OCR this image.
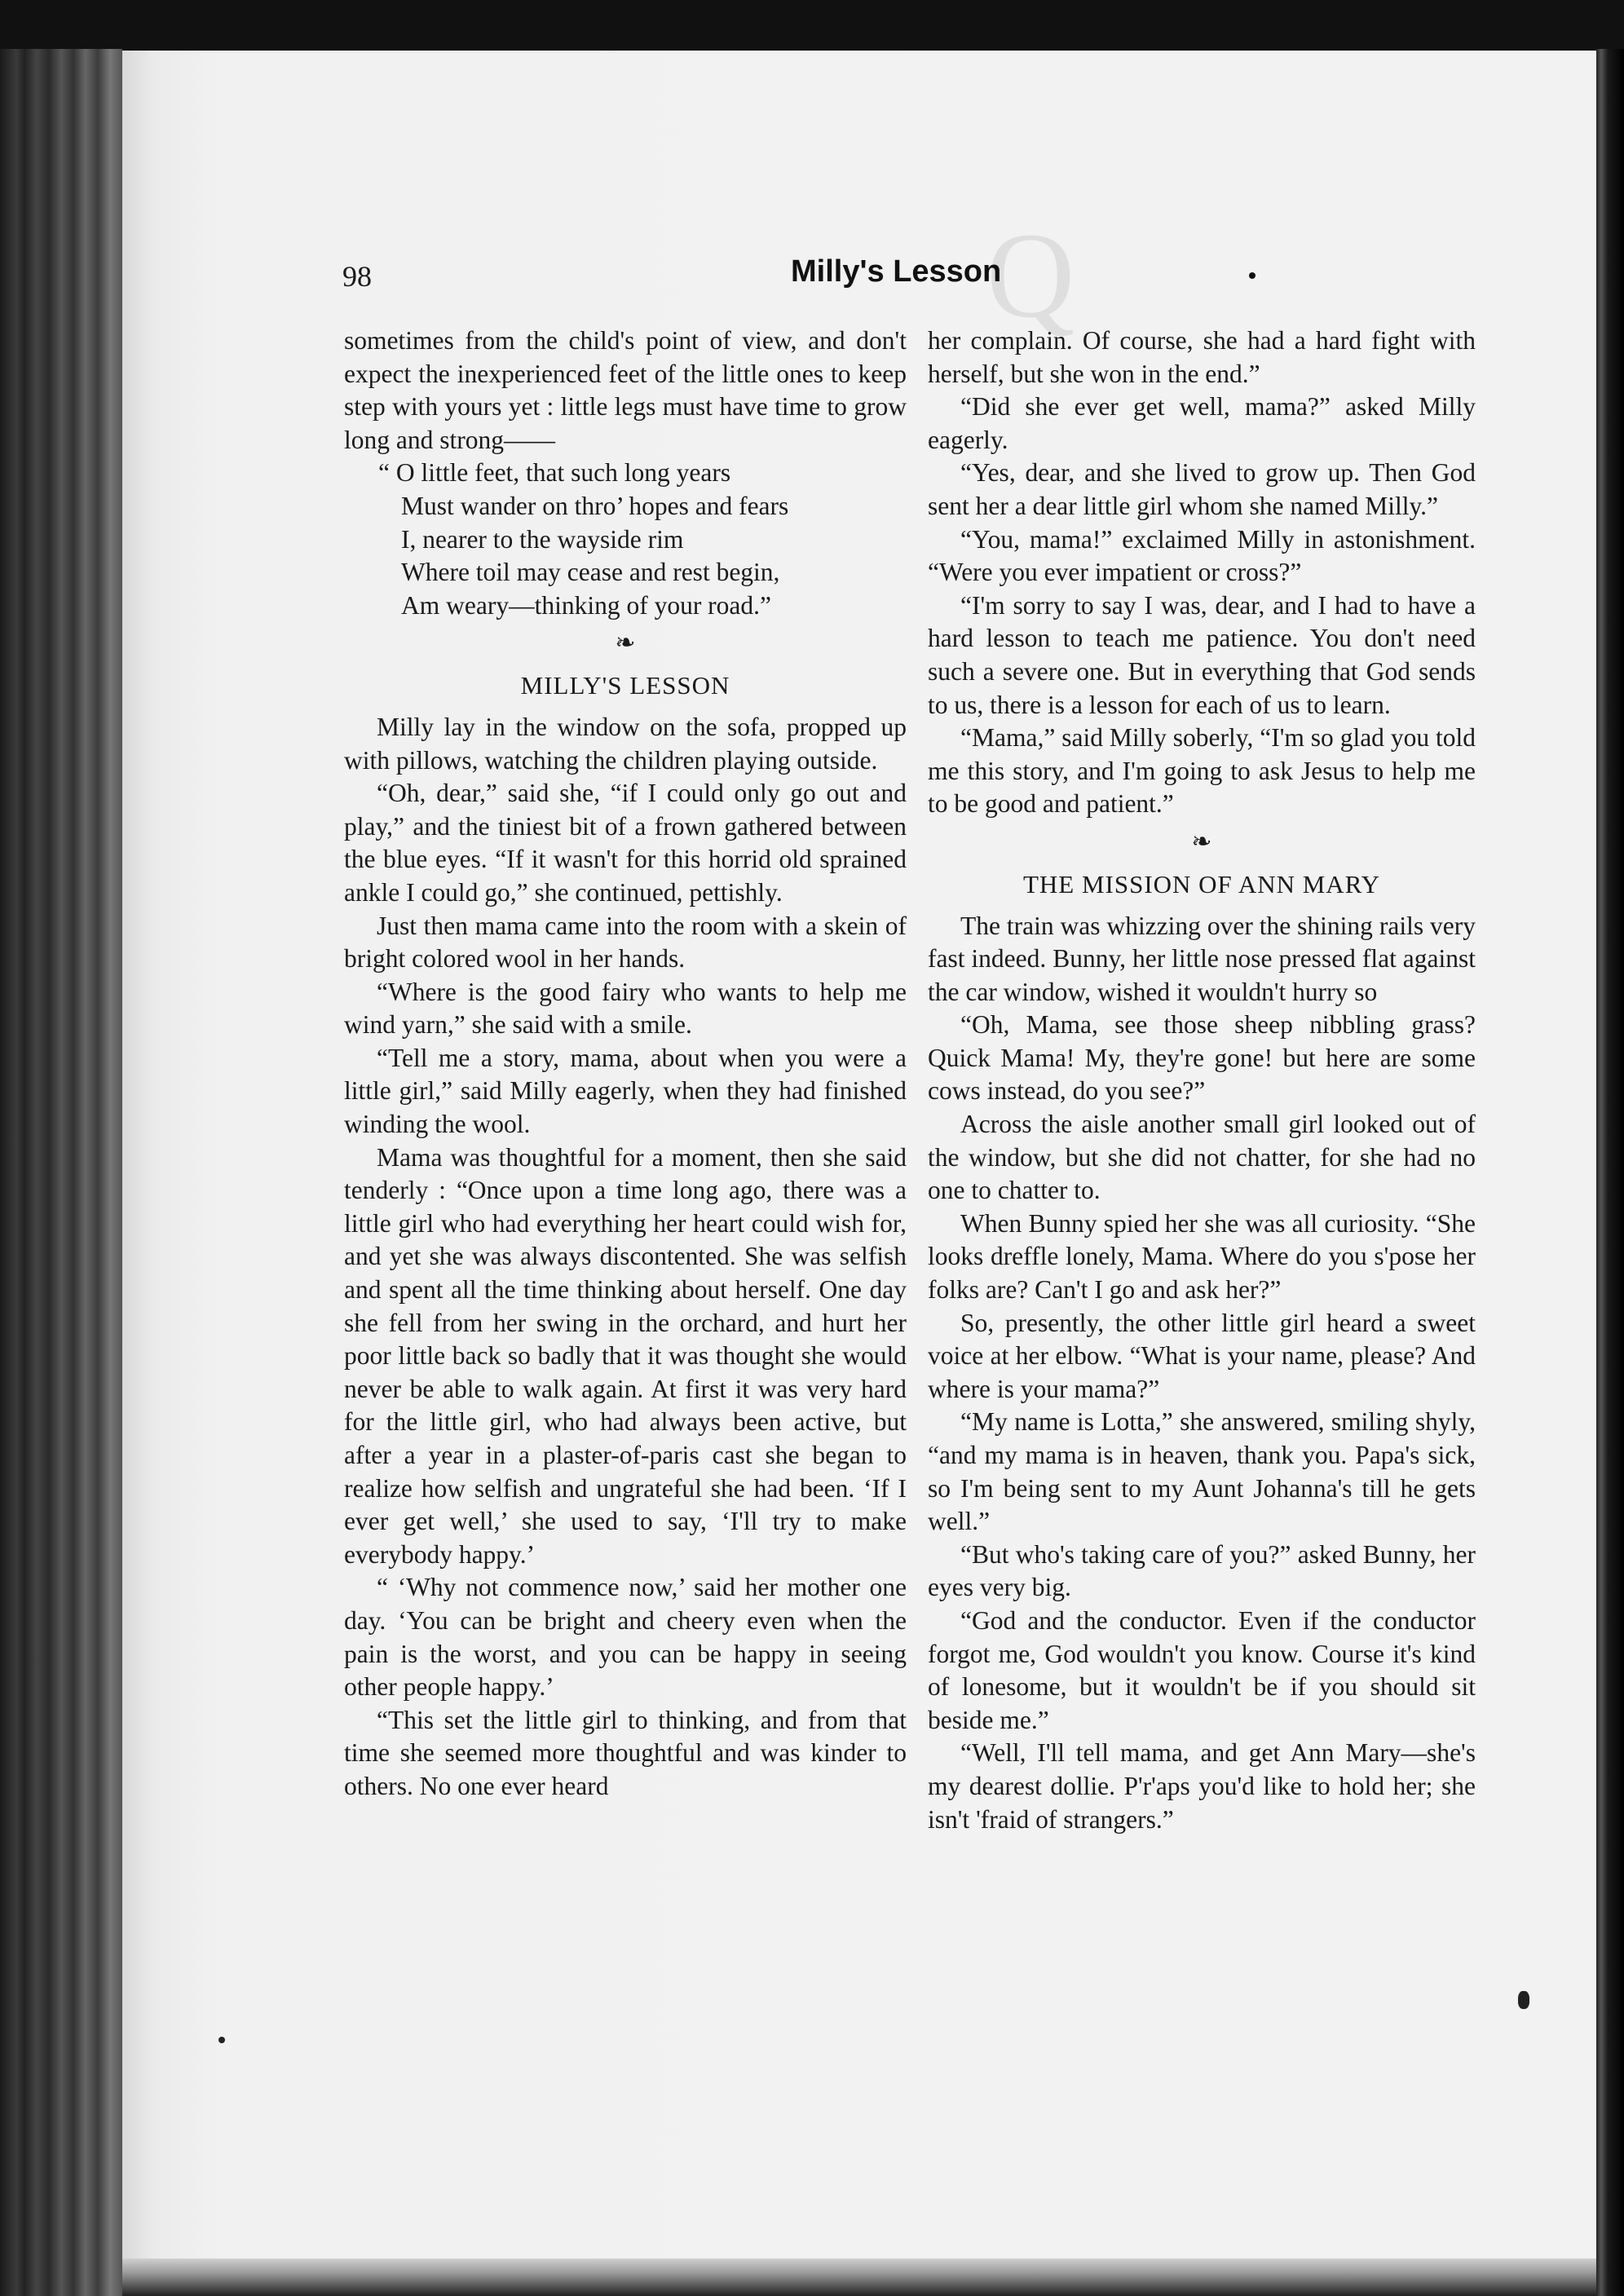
Q
98	Milly's Lesson

sometimes from the child's point of view, and don't expect the inexperienced feet of the little ones to keep step with yours yet : little legs must have time to grow long and strong——

“ O little feet, that such long years
Must wander on thro’ hopes and fears
I, nearer to the wayside rim
Where toil may cease and rest begin,
Am weary—thinking of your road.”
❧
MILLY'S LESSON

Milly lay in the window on the sofa, propped up with pillows, watching the children playing outside.

“Oh, dear,” said she, “if I could only go out and play,” and the tiniest bit of a frown gathered between the blue eyes. “If it wasn't for this horrid old sprained ankle I could go,” she continued, pettishly.

Just then mama came into the room with a skein of bright colored wool in her hands.

“Where is the good fairy who wants to help me wind yarn,” she said with a smile.

“Tell me a story, mama, about when you were a little girl,” said Milly eagerly, when they had finished winding the wool.

Mama was thoughtful for a moment, then she said tenderly : “Once upon a time long ago, there was a little girl who had everything her heart could wish for, and yet she was always discontented. She was selfish and spent all the time thinking about herself. One day she fell from her swing in the orchard, and hurt her poor little back so badly that it was thought she would never be able to walk again. At first it was very hard for the little girl, who had always been active, but after a year in a plaster-of-paris cast she began to realize how selfish and ungrateful she had been. ‘If I ever get well,’ she used to say, ‘I'll try to make everybody happy.’

“ ‘Why not commence now,’ said her mother one day. ‘You can be bright and cheery even when the pain is the worst, and you can be happy in seeing other people happy.’

“This set the little girl to thinking, and from that time she seemed more thoughtful and was kinder to others. No one ever heard

her complain. Of course, she had a hard fight with herself, but she won in the end.”

“Did she ever get well, mama?” asked Milly eagerly.

“Yes, dear, and she lived to grow up. Then God sent her a dear little girl whom she named Milly.”

“You, mama!” exclaimed Milly in astonishment. “Were you ever impatient or cross?”

“I'm sorry to say I was, dear, and I had to have a hard lesson to teach me patience. You don't need such a severe one. But in everything that God sends to us, there is a lesson for each of us to learn.

“Mama,” said Milly soberly, “I'm so glad you told me this story, and I'm going to ask Jesus to help me to be good and patient.”

❧
THE MISSION OF ANN MARY

The train was whizzing over the shining rails very fast indeed. Bunny, her little nose pressed flat against the car window, wished it wouldn't hurry so

“Oh, Mama, see those sheep nibbling grass? Quick Mama! My, they're gone! but here are some cows instead, do you see?”

Across the aisle another small girl looked out of the window, but she did not chatter, for she had no one to chatter to.

When Bunny spied her she was all curiosity. “She looks dreffle lonely, Mama. Where do you s'pose her folks are? Can't I go and ask her?”

So, presently, the other little girl heard a sweet voice at her elbow. “What is your name, please? And where is your mama?”

“My name is Lotta,” she answered, smiling shyly, “and my mama is in heaven, thank you. Papa's sick, so I'm being sent to my Aunt Johanna's till he gets well.”

“But who's taking care of you?” asked Bunny, her eyes very big.

“God and the conductor. Even if the conductor forgot me, God wouldn't you know. Course it's kind of lonesome, but it wouldn't be if you should sit beside me.”

“Well, I'll tell mama, and get Ann Mary—she's my dearest dollie. P'r'aps you'd like to hold her; she isn't 'fraid of strangers.”
